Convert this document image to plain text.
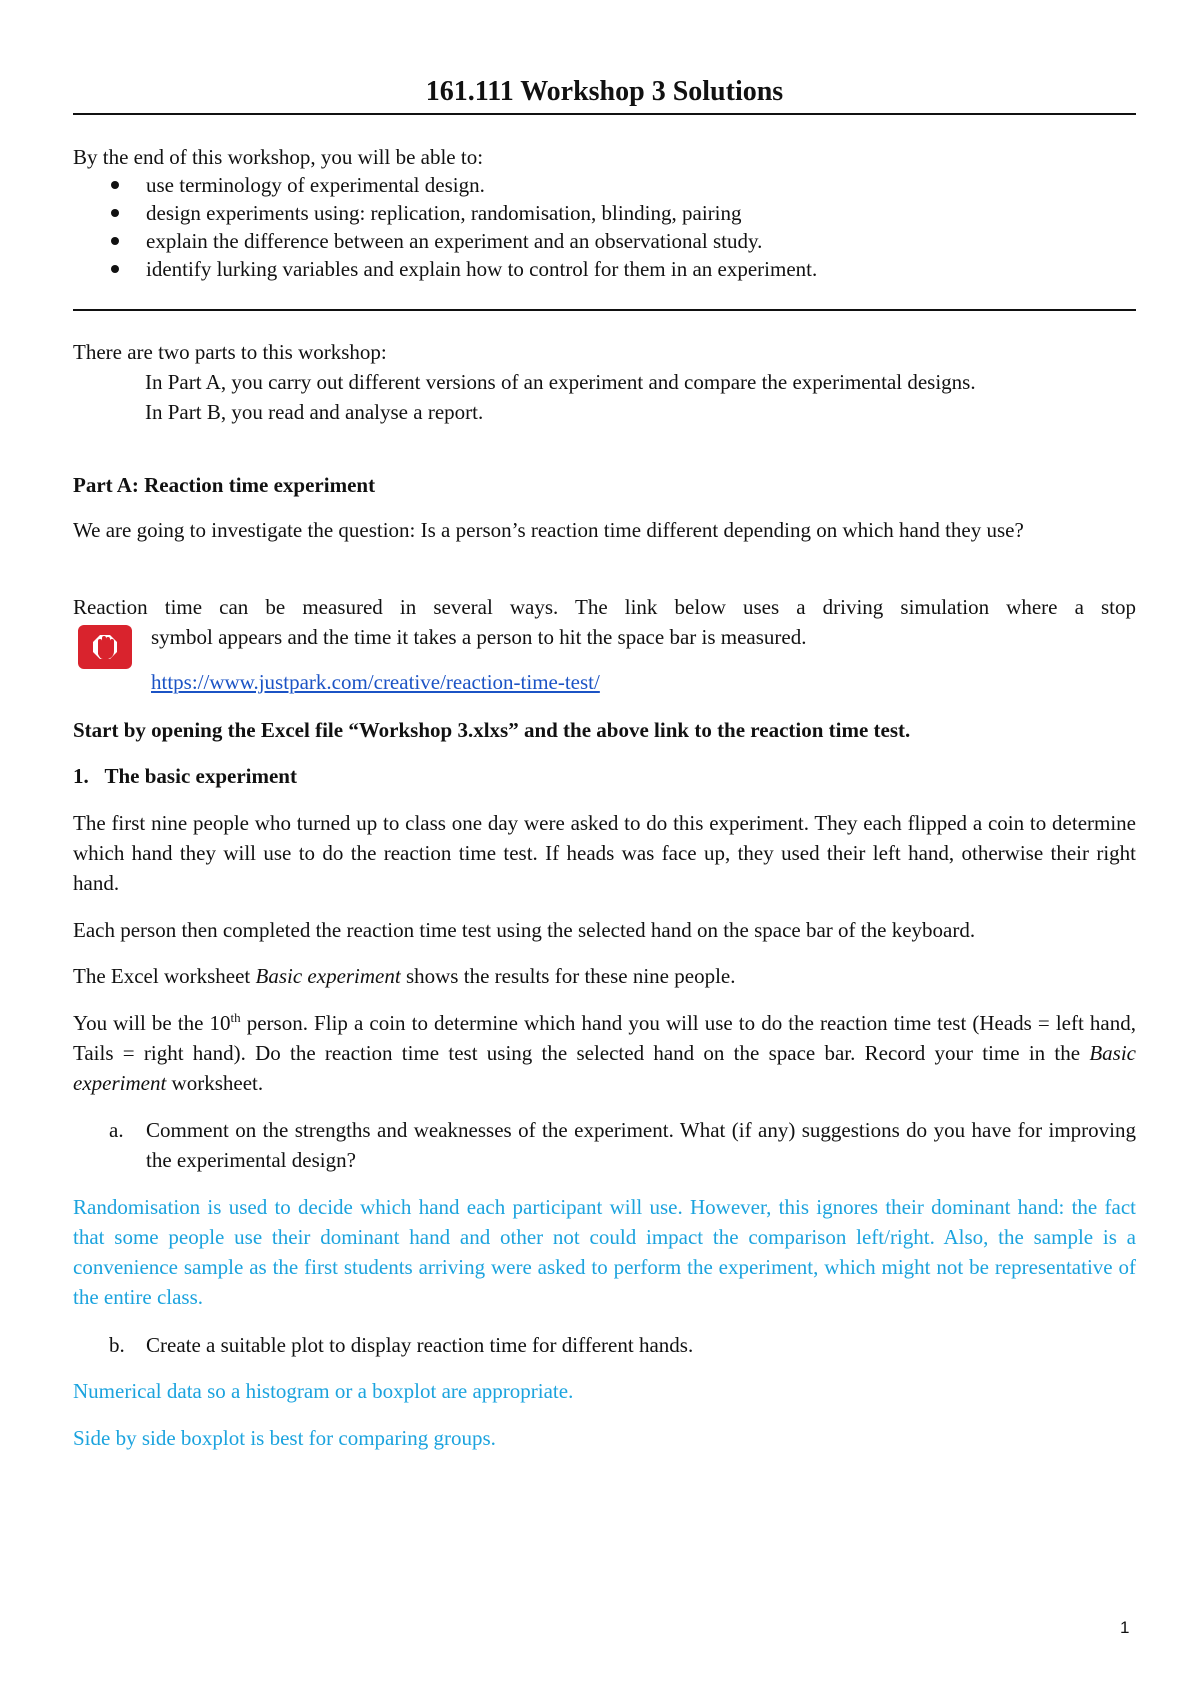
161.111 Workshop 3 Solutions

By the end of this workshop, you will be able to:

use terminology of experimental design.
design experiments using: replication, randomisation, blinding, pairing
explain the difference between an experiment and an observational study.
identify lurking variables and explain how to control for them in an experiment.

There are two parts to this workshop:

In Part A, you carry out different versions of an experiment and compare the experimental designs.

In Part B, you read and analyse a report.

Part A: Reaction time experiment

We are going to investigate the question: Is a person’s reaction time different depending on which hand they use?

Reaction time can be measured in several ways. The link below uses a driving simulation where a stop

symbol appears and the time it takes a person to hit the space bar is measured.

https://www.justpark.com/creative/reaction-time-test/

Start by opening the Excel file “Workshop 3.xlxs” and the above link to the reaction time test.

1. The basic experiment

The first nine people who turned up to class one day were asked to do this experiment. They each flipped a coin to determine which hand they will use to do the reaction time test. If heads was face up, they used their left hand, otherwise their right hand.

Each person then completed the reaction time test using the selected hand on the space bar of the keyboard.

The Excel worksheet Basic experiment shows the results for these nine people.

You will be the 10th person. Flip a coin to determine which hand you will use to do the reaction time test (Heads = left hand, Tails = right hand). Do the reaction time test using the selected hand on the space bar. Record your time in the Basic experiment worksheet.

a. Comment on the strengths and weaknesses of the experiment. What (if any) suggestions do you have for improving the experimental design?

Randomisation is used to decide which hand each participant will use. However, this ignores their dominant hand: the fact that some people use their dominant hand and other not could impact the comparison left/right. Also, the sample is a convenience sample as the first students arriving were asked to perform the experiment, which might not be representative of the entire class.

b. Create a suitable plot to display reaction time for different hands.

Numerical data so a histogram or a boxplot are appropriate.

Side by side boxplot is best for comparing groups.

1
